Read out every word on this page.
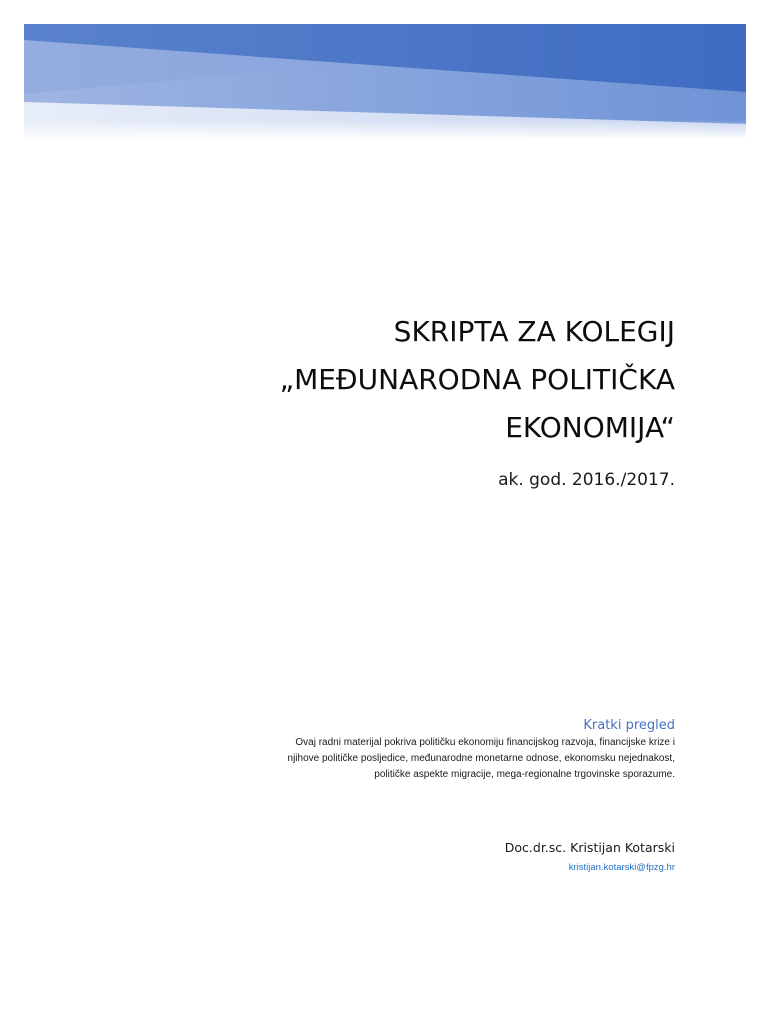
SKRIPTA ZA KOLEGIJ
„MEĐUNARODNA POLITIČKA
EKONOMIJA“
ak. god. 2016./2017.
Kratki pregled
Ovaj radni materijal pokriva političku ekonomiju financijskog razvoja, financijske krize i
njihove političke posljedice, međunarodne monetarne odnose, ekonomsku nejednakost,
političke aspekte migracije, mega-regionalne trgovinske sporazume.
Doc.dr.sc. Kristijan Kotarski
kristijan.kotarski@fpzg.hr
